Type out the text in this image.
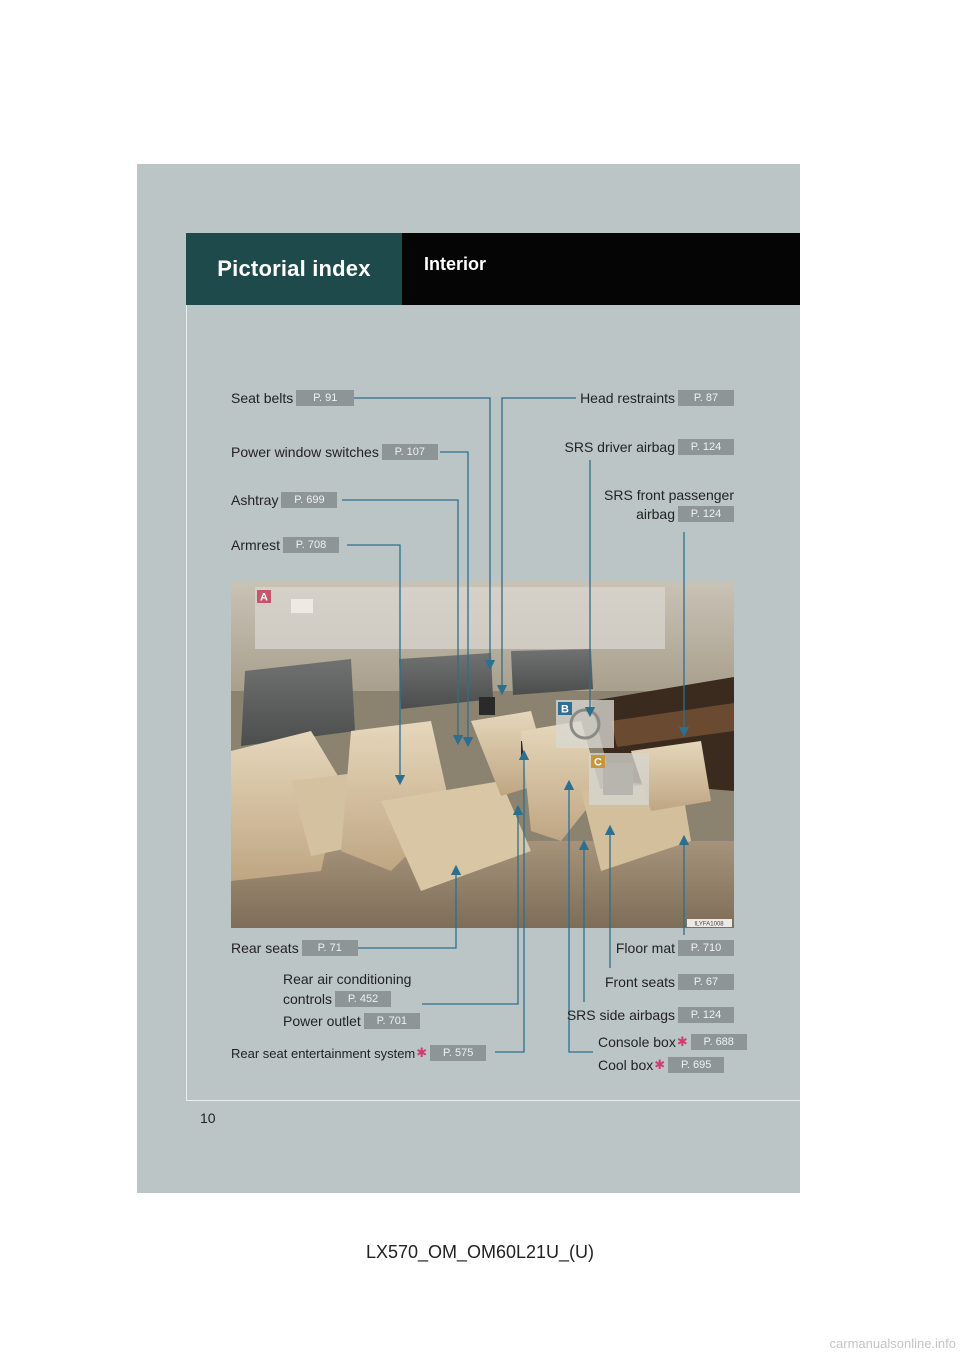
Pictorial index	Interior
A
B
C
ILYFA1008
Seat belts	P. 91
Power window switches	P. 107
Ashtray	P. 699
Armrest	P. 708
Head restraints	P. 87
SRS driver airbag	P. 124
SRS front passenger
airbag	P. 124
Rear seats	P. 71
Rear air conditioning
controls	P. 452
Power outlet	P. 701
Rear seat entertainment system ✱	P. 575
Floor mat	P. 710
Front seats	P. 67
SRS side airbags	P. 124
Console box ✱	P. 688
Cool box ✱	P. 695
10
LX570_OM_OM60L21U_(U)
carmanualsonline.info
